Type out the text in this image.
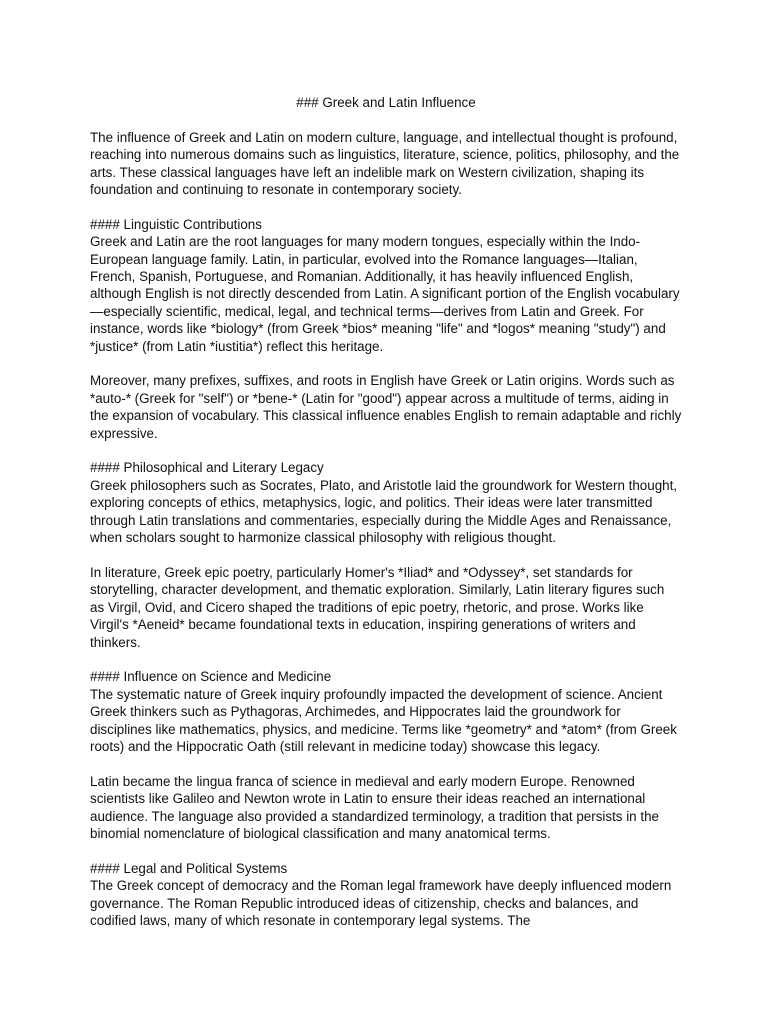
### Greek and Latin Influence

The influence of Greek and Latin on modern culture, language, and intellectual thought is profound, reaching into numerous domains such as linguistics, literature, science, politics, philosophy, and the arts. These classical languages have left an indelible mark on Western civilization, shaping its foundation and continuing to resonate in contemporary society.

#### Linguistic Contributions

Greek and Latin are the root languages for many modern tongues, especially within the Indo-European language family. Latin, in particular, evolved into the Romance languages—Italian, French, Spanish, Portuguese, and Romanian. Additionally, it has heavily influenced English, although English is not directly descended from Latin. A significant portion of the English vocabulary—especially scientific, medical, legal, and technical terms—derives from Latin and Greek. For instance, words like *biology* (from Greek *bios* meaning "life" and *logos* meaning "study") and *justice* (from Latin *iustitia*) reflect this heritage.

Moreover, many prefixes, suffixes, and roots in English have Greek or Latin origins. Words such as *auto-* (Greek for "self") or *bene-* (Latin for "good") appear across a multitude of terms, aiding in the expansion of vocabulary. This classical influence enables English to remain adaptable and richly expressive.

#### Philosophical and Literary Legacy

Greek philosophers such as Socrates, Plato, and Aristotle laid the groundwork for Western thought, exploring concepts of ethics, metaphysics, logic, and politics. Their ideas were later transmitted through Latin translations and commentaries, especially during the Middle Ages and Renaissance, when scholars sought to harmonize classical philosophy with religious thought.

In literature, Greek epic poetry, particularly Homer's *Iliad* and *Odyssey*, set standards for storytelling, character development, and thematic exploration. Similarly, Latin literary figures such as Virgil, Ovid, and Cicero shaped the traditions of epic poetry, rhetoric, and prose. Works like Virgil's *Aeneid* became foundational texts in education, inspiring generations of writers and thinkers.

#### Influence on Science and Medicine

The systematic nature of Greek inquiry profoundly impacted the development of science. Ancient Greek thinkers such as Pythagoras, Archimedes, and Hippocrates laid the groundwork for disciplines like mathematics, physics, and medicine. Terms like *geometry* and *atom* (from Greek roots) and the Hippocratic Oath (still relevant in medicine today) showcase this legacy.

Latin became the lingua franca of science in medieval and early modern Europe. Renowned scientists like Galileo and Newton wrote in Latin to ensure their ideas reached an international audience. The language also provided a standardized terminology, a tradition that persists in the binomial nomenclature of biological classification and many anatomical terms.

#### Legal and Political Systems

The Greek concept of democracy and the Roman legal framework have deeply influenced modern governance. The Roman Republic introduced ideas of citizenship, checks and balances, and codified laws, many of which resonate in contemporary legal systems. The
